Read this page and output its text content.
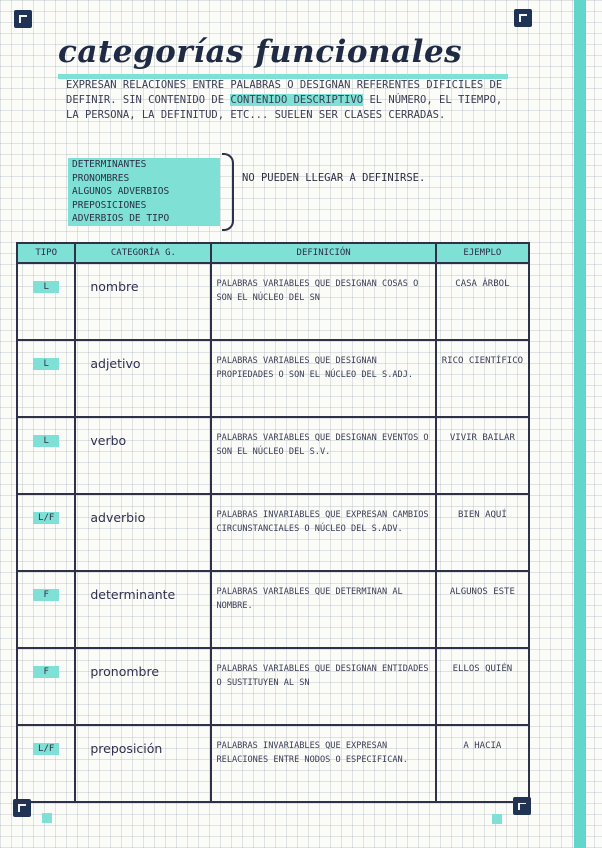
categorías funcionales
EXPRESAN RELACIONES ENTRE PALABRAS O DESIGNAN REFERENTES DIFICILES DE DEFINIR. SIN CONTENIDO DE CONTENIDO DESCRIPTIVO EL NÚMERO, EL TIEMPO, LA PERSONA, LA DEFINITUD, ETC... SUELEN SER CLASES CERRADAS.
DETERMINANTES
PRONOMBRES
ALGUNOS ADVERBIOS
PREPOSICIONES
ADVERBIOS DE TIPO
NO PUEDEN LLEGAR A DEFINIRSE.
TIPO	CATEGORÍA G.	DEFINICIÓN	EJEMPLO
L	nombre	PALABRAS VARIABLES QUE DESIGNAN COSAS O SON EL NÚCLEO DEL SN	CASA ÁRBOL

L	adjetivo	PALABRAS VARIABLES QUE DESIGNAN PROPIEDADES O SON EL NÚCLEO DEL S.ADJ.	RICO CIENTÍFICO

L	verbo	PALABRAS VARIABLES QUE DESIGNAN EVENTOS O SON EL NÚCLEO DEL S.V.	VIVIR BAILAR

L/F	adverbio	PALABRAS INVARIABLES QUE EXPRESAN CAMBIOS CIRCUNSTANCIALES O NÚCLEO DEL S.ADV.	BIEN AQUÍ

F	determinante	PALABRAS VARIABLES QUE DETERMINAN AL NOMBRE.	ALGUNOS ESTE

F	pronombre	PALABRAS VARIABLES QUE DESIGNAN ENTIDADES O SUSTITUYEN AL SN	ELLOS QUIÉN

L/F	preposición	PALABRAS INVARIABLES QUE EXPRESAN RELACIONES ENTRE NODOS O ESPECIFICAN.	A HACIA
